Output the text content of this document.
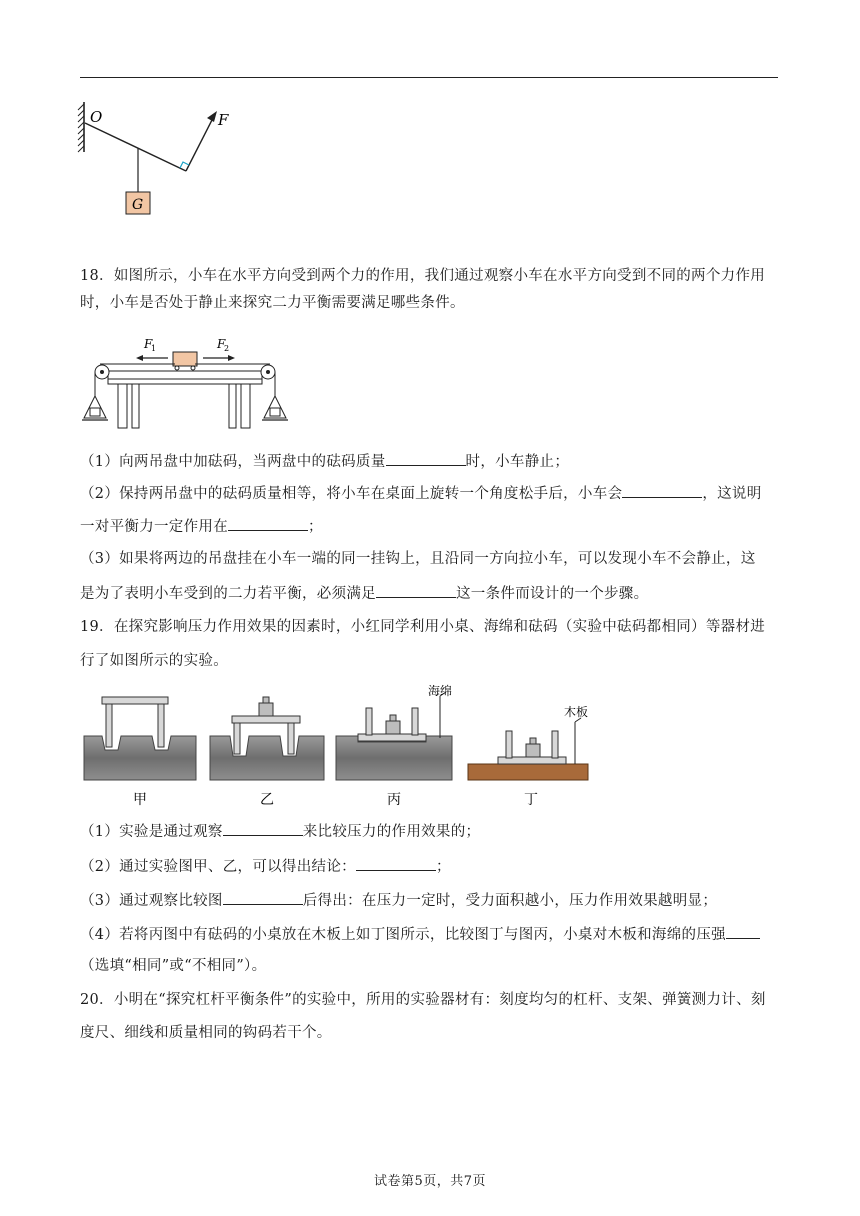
O	F
G
18．如图所示，小车在水平方向受到两个力的作用，我们通过观察小车在水平方向受到不同的两个力作用
时，小车是否处于静止来探究二力平衡需要满足哪些条件。
F
1	F
2
（1）向两吊盘中加砝码，当两盘中的砝码质量	时，小车静止；
（2）保持两吊盘中的砝码质量相等，将小车在桌面上旋转一个角度松手后，小车会	，这说明
一对平衡力一定作用在	；
（3）如果将两边的吊盘挂在小车一端的同一挂钩上，且沿同一方向拉小车，可以发现小车不会静止，这
是为了表明小车受到的二力若平衡，必须满足	这一条件而设计的一个步骤。
19．在探究影响压力作用效果的因素时，小红同学利用小桌、海绵和砝码（实验中砝码都相同）等器材进
行了如图所示的实验。
海绵
木板
甲	乙	丙	丁
（1）实验是通过观察	来比较压力的作用效果的；
（2）通过实验图甲、乙，可以得出结论：	；
（3）通过观察比较图	后得出：在压力一定时，受力面积越小，压力作用效果越明显；
（4）若将丙图中有砝码的小桌放在木板上如丁图所示，比较图丁与图丙，小桌对木板和海绵的压强
（选填“相同”或“不相同”）。
20．小明在“探究杠杆平衡条件”的实验中，所用的实验器材有：刻度均匀的杠杆、支架、弹簧测力计、刻
度尺、细线和质量相同的钩码若干个。
试卷第5页，共7页
